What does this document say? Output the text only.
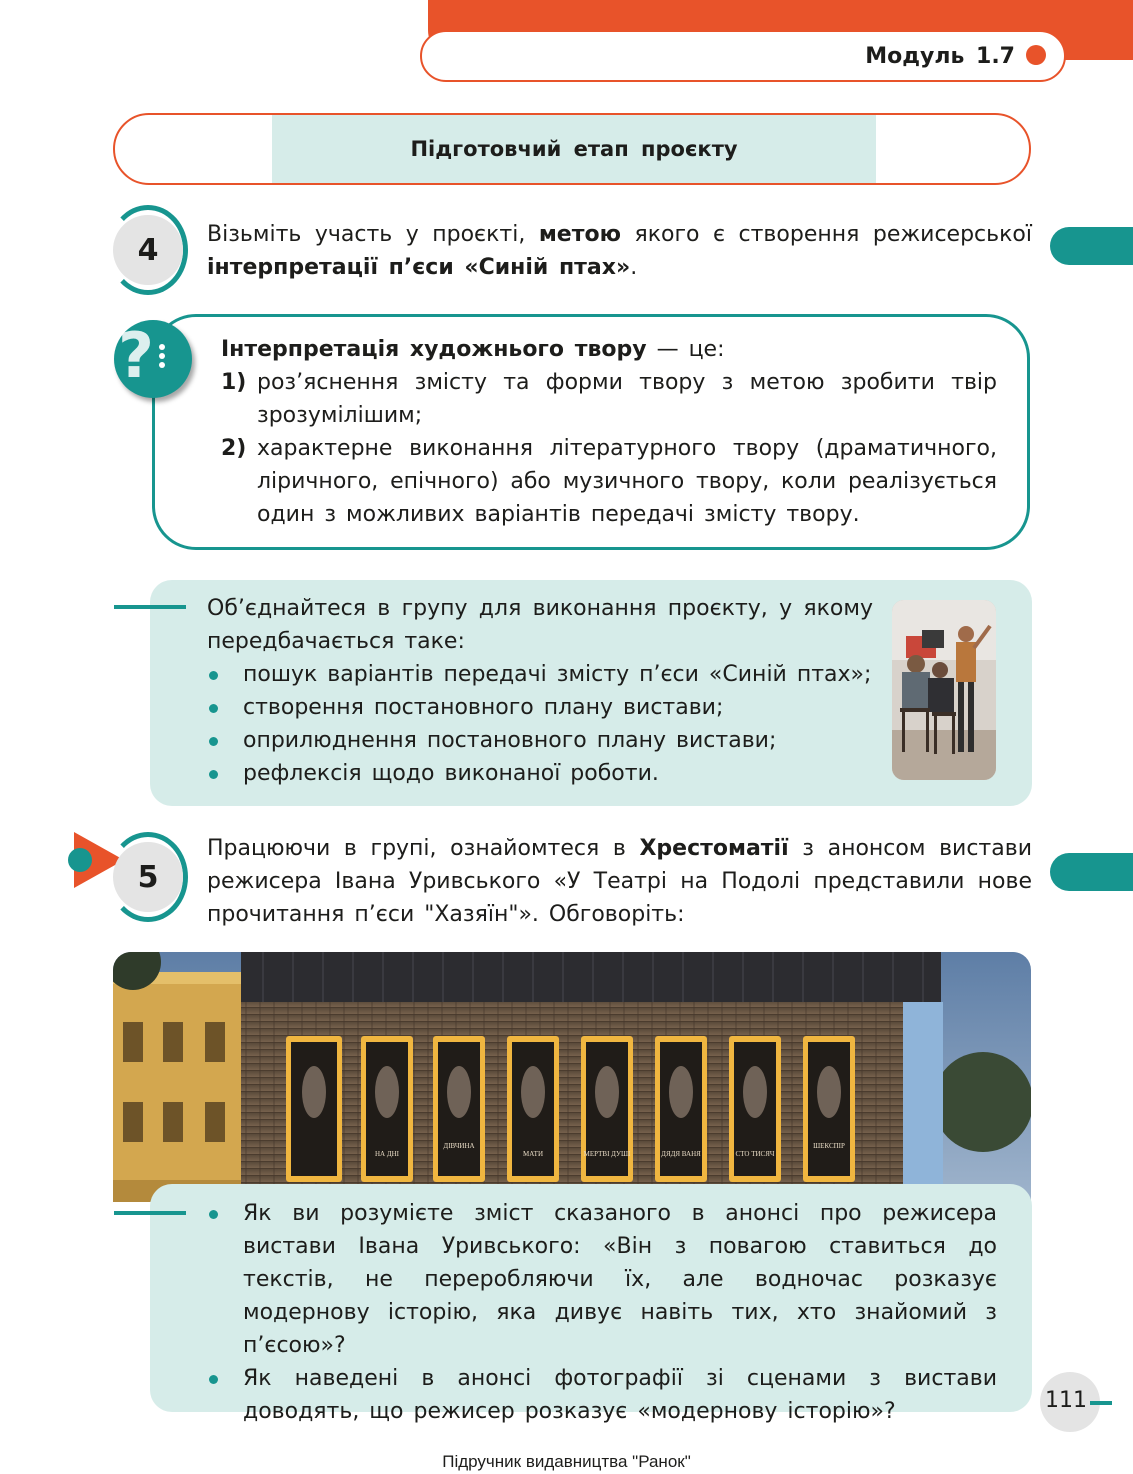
Модуль 1.7
Підготовчий етап проєкту
4	Візьміть участь у проєкті, метою якого є створення режисерської інтерпретації п’єси «Синій птах».
?	Інтерпретація художнього твору — це:
1) роз’яснення змісту та форми твору з метою зробити твір зрозумілішим;
2) характерне виконання літературного твору (драматичного, ліричного, епічного) або музичного твору, коли реалізується один з можливих варіантів передачі змісту твору.
Об’єднайтеся в групу для виконання проєкту, у якому передбачається таке:
пошук варіантів передачі змісту п’єси «Синій птах»;
створення постановного плану вистави;
оприлюднення постановного плану вистави;
рефлексія щодо виконаної роботи.
5
Працюючи в групі, ознайомтеся в Хрестоматії з анонсом вистави режисера Івана Уривського «У Театрі на Подолі представили нове прочитання п’єси "Хазяїн"». Обговоріть:
НА ДНІ
ДІВЧИНА
МАТИ	МЕРТВІ ДУШІ	ДЯДЯ ВАНЯ	СТО ТИСЯЧ
ШЕКСПІР
Як ви розумієте зміст сказаного в анонсі про режисера вистави Івана Уривського: «Він з повагою ставиться до текстів, не переробляючи їх, але водночас розказує модернову історію, яка дивує навіть тих, хто знайомий з п’єсою»?
Як наведені в анонсі фотографії зі сценами з вистави доводять, що режисер розказує «модернову історію»?	111
Підручник видавництва "Ранок"
